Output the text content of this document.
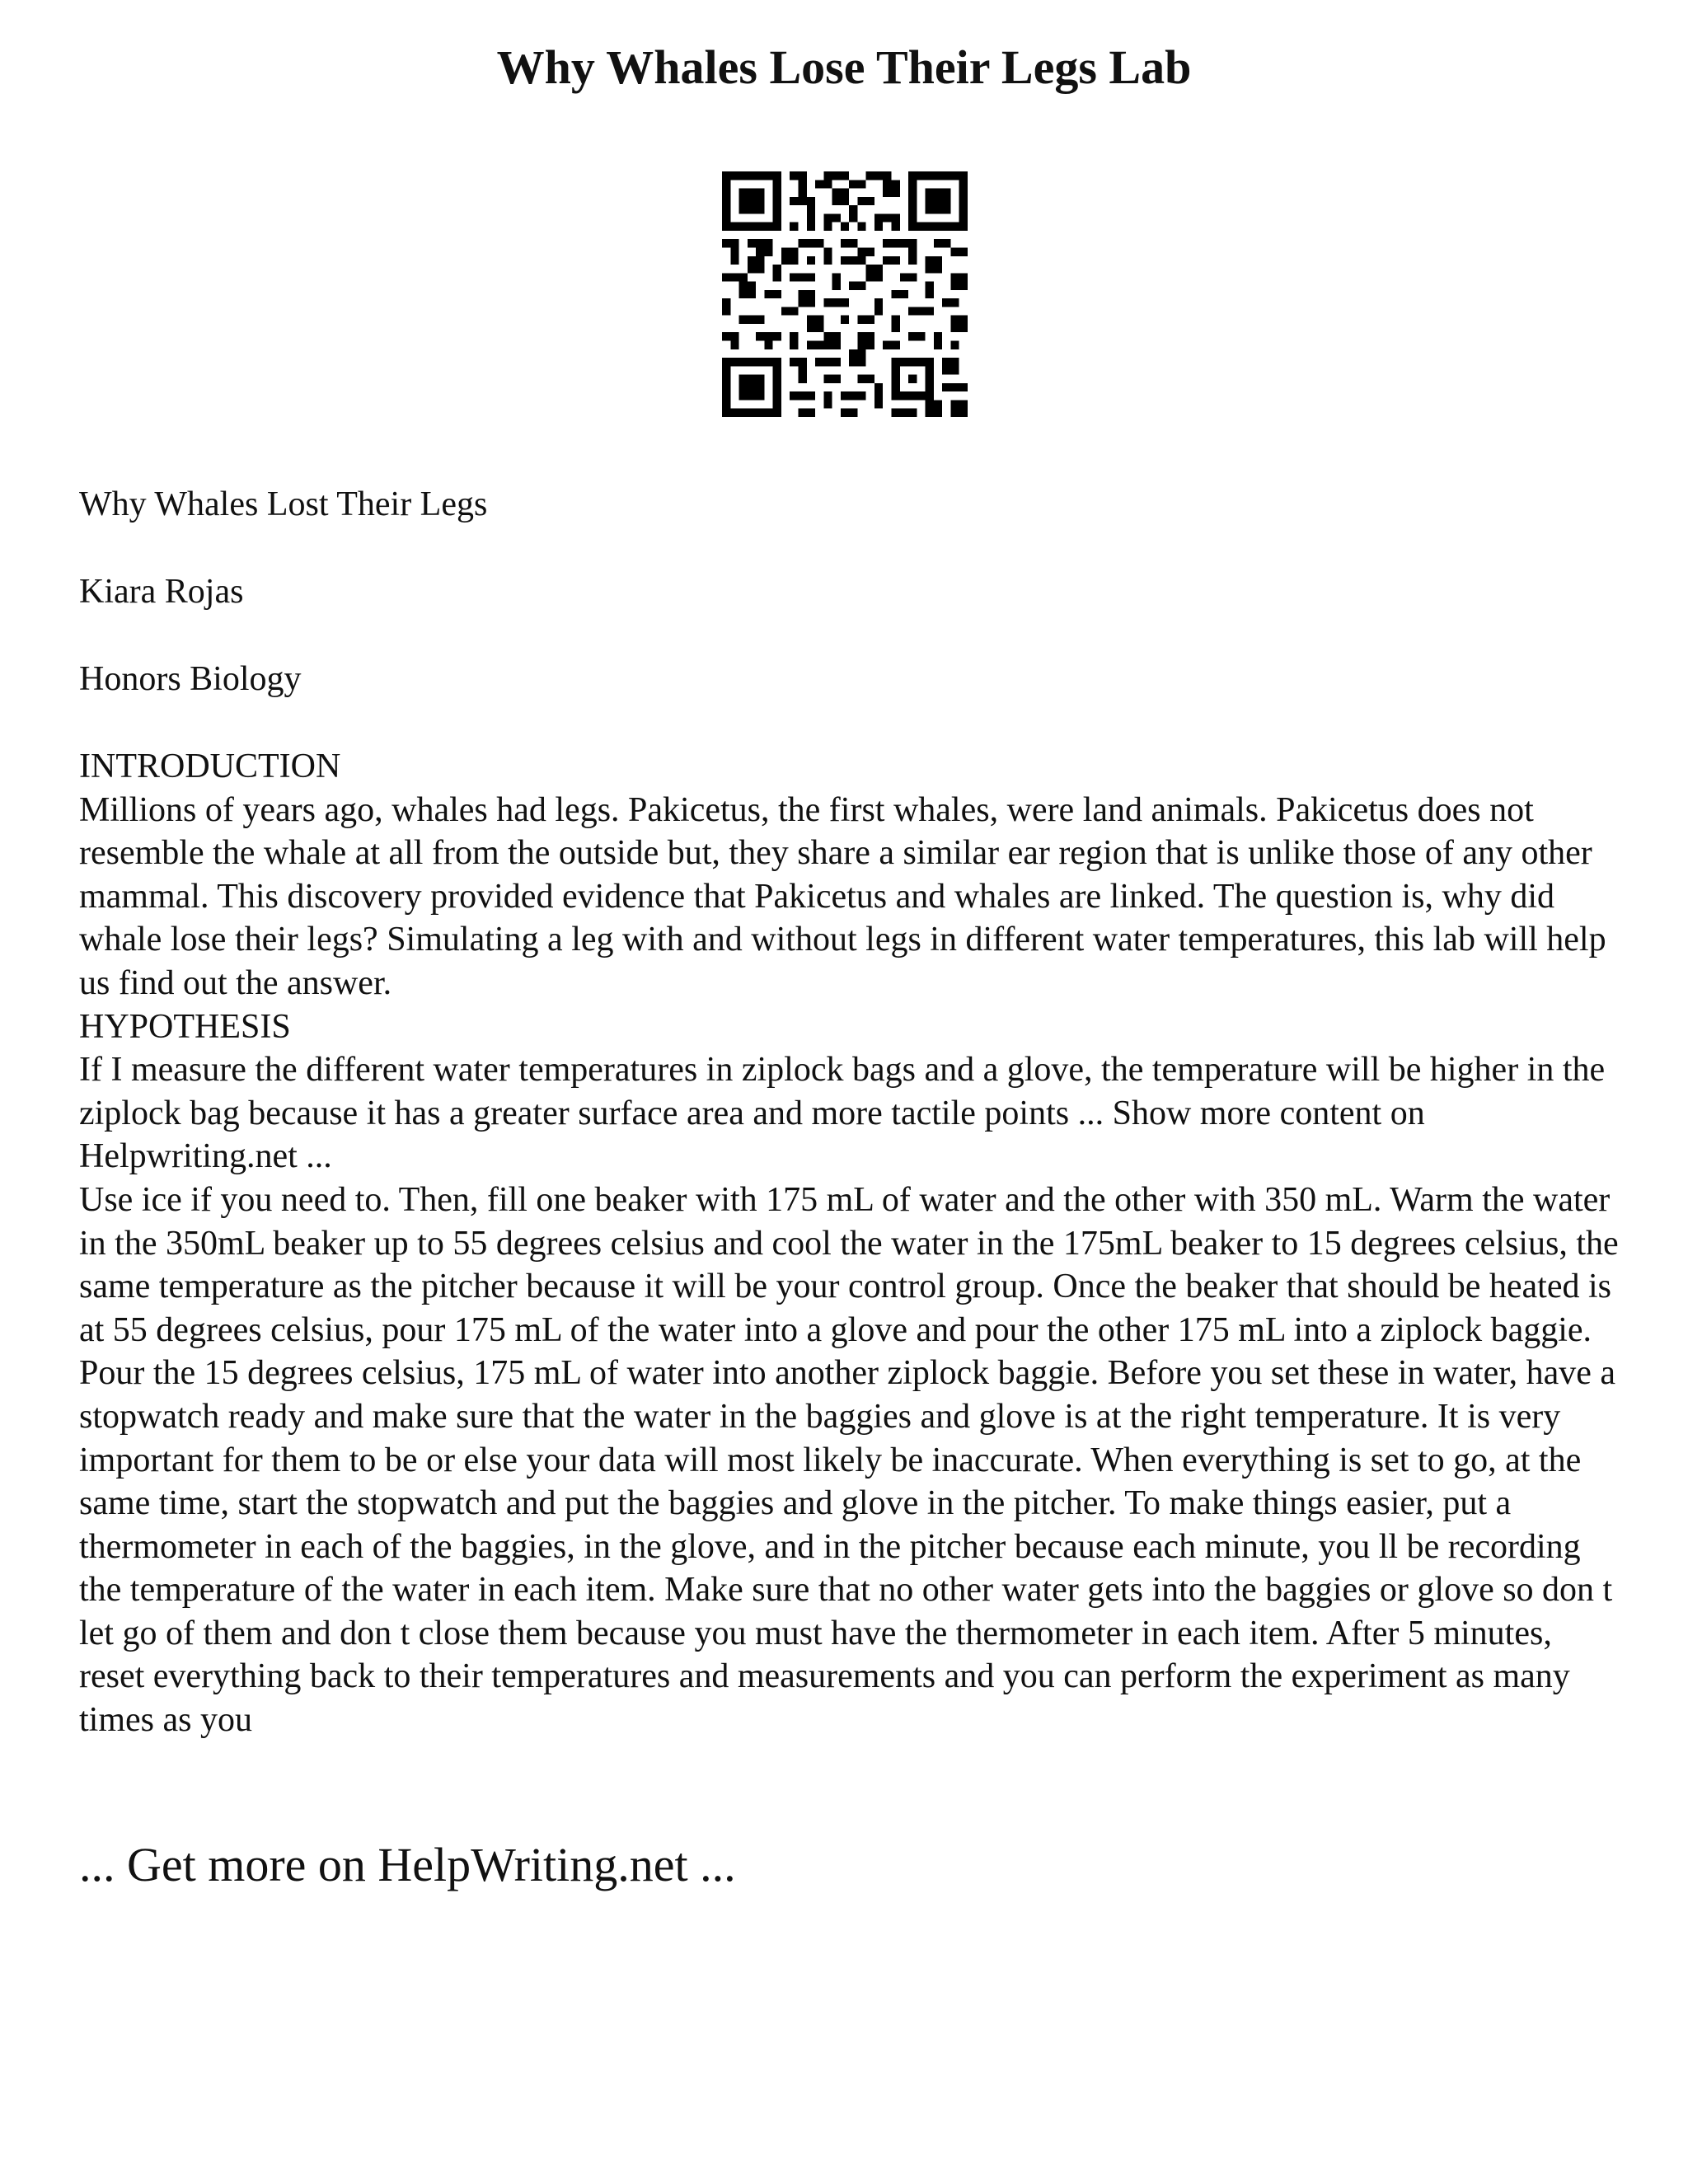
Why Whales Lose Their Legs Lab

Why Whales Lost Their Legs

Kiara Rojas

Honors Biology

INTRODUCTION

Millions of years ago, whales had legs. Pakicetus, the first whales, were land animals. Pakicetus does not resemble the whale at all from the outside but, they share a similar ear region that is unlike those of any other mammal. This discovery provided evidence that Pakicetus and whales are linked. The question is, why did whale lose their legs? Simulating a leg with and without legs in different water temperatures, this lab will help us find out the answer.

HYPOTHESIS

If I measure the different water temperatures in ziplock bags and a glove, the temperature will be higher in the ziplock bag because it has a greater surface area and more tactile points ... Show more content on Helpwriting.net ...

Use ice if you need to. Then, fill one beaker with 175 mL of water and the other with 350 mL. Warm the water in the 350mL beaker up to 55 degrees celsius and cool the water in the 175mL beaker to 15 degrees celsius, the same temperature as the pitcher because it will be your control group. Once the beaker that should be heated is at 55 degrees celsius, pour 175 mL of the water into a glove and pour the other 175 mL into a ziplock baggie. Pour the 15 degrees celsius, 175 mL of water into another ziplock baggie. Before you set these in water, have a stopwatch ready and make sure that the water in the baggies and glove is at the right temperature. It is very important for them to be or else your data will most likely be inaccurate. When everything is set to go, at the same time, start the stopwatch and put the baggies and glove in the pitcher. To make things easier, put a thermometer in each of the baggies, in the glove, and in the pitcher because each minute, you ll be recording the temperature of the water in each item. Make sure that no other water gets into the baggies or glove so don t let go of them and don t close them because you must have the thermometer in each item. After 5 minutes, reset everything back to their temperatures and measurements and you can perform the experiment as many times as you

... Get more on HelpWriting.net ...
